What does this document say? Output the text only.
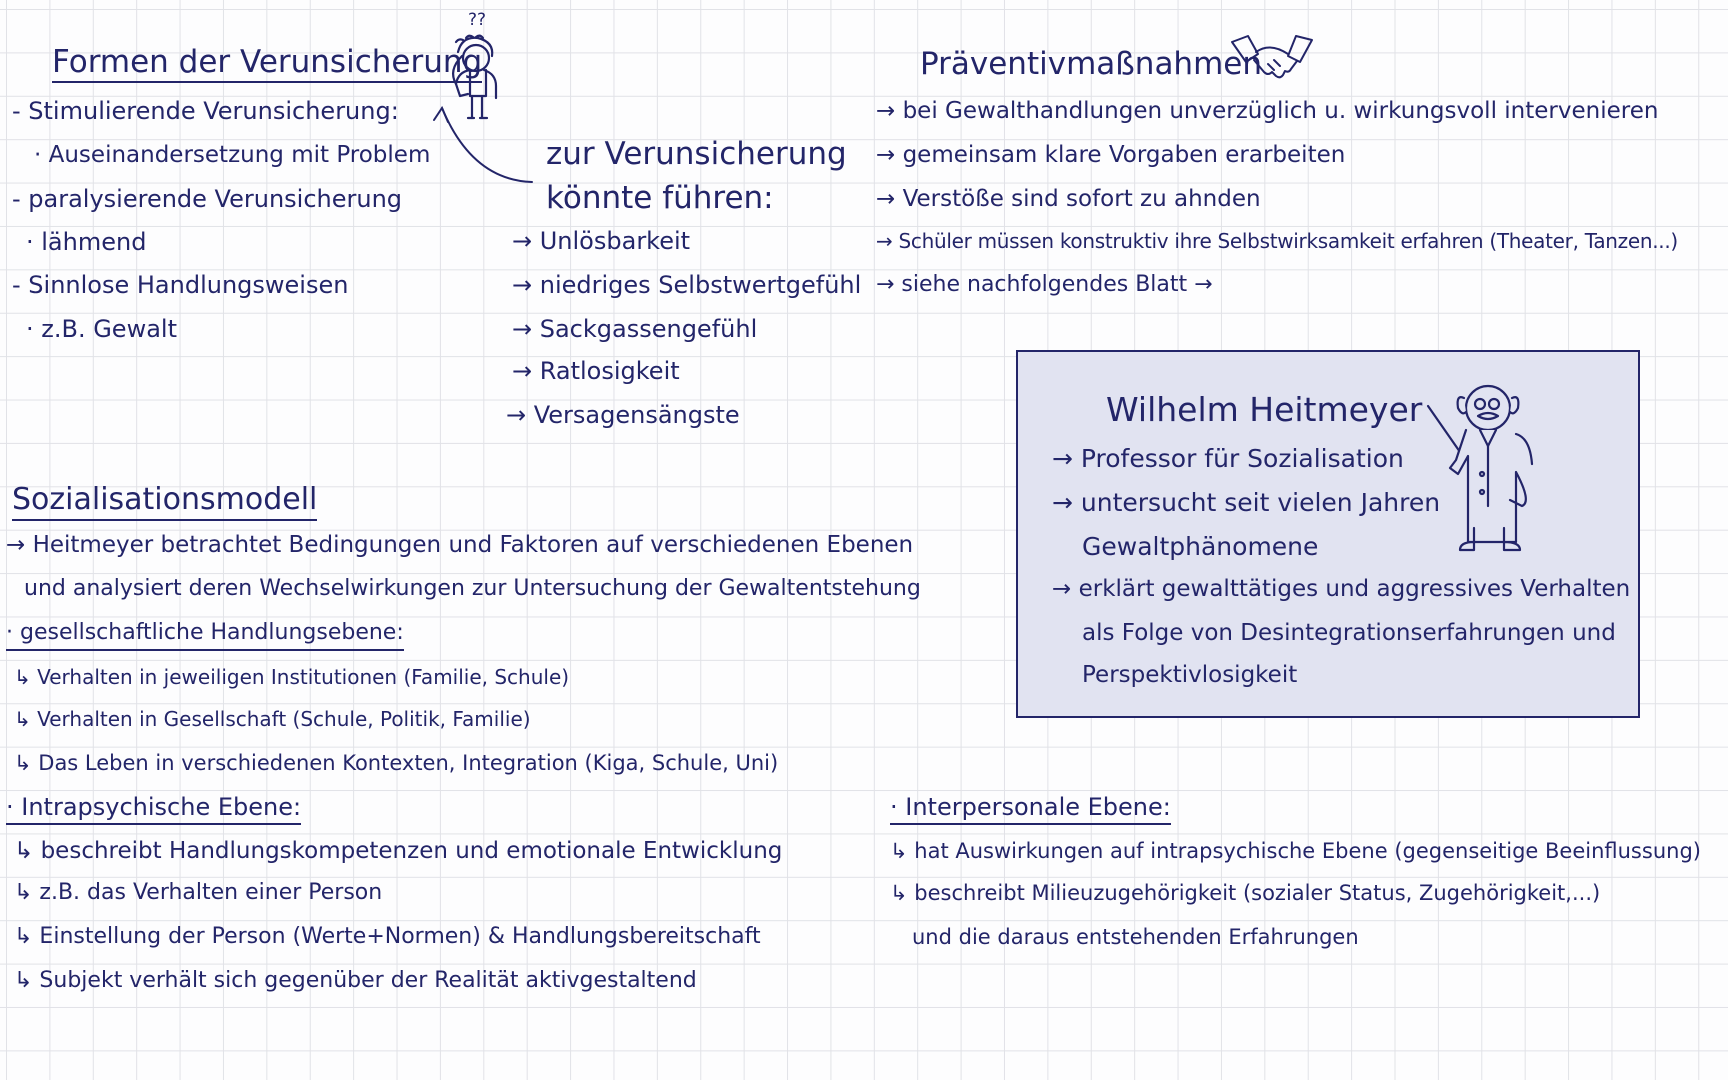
Formen der Verunsicherung
- Stimulierende Verunsicherung:
· Auseinandersetzung mit Problem
- paralysierende Verunsicherung
· lähmend
- Sinnlose Handlungsweisen
· z.B. Gewalt
??
zur Verunsicherung
könnte führen:
→ Unlösbarkeit
→ niedriges Selbstwertgefühl
→ Sackgassengefühl
→ Ratlosigkeit
→ Versagensängste
Präventivmaßnahmen
→ bei Gewalthandlungen unverzüglich u. wirkungsvoll intervenieren
→ gemeinsam klare Vorgaben erarbeiten
→ Verstöße sind sofort zu ahnden
→ Schüler müssen konstruktiv ihre Selbstwirksamkeit erfahren (Theater, Tanzen...)
→ siehe nachfolgendes Blatt →
Wilhelm Heitmeyer
→ Professor für Sozialisation
→ untersucht seit vielen Jahren
Gewaltphänomene
→ erklärt gewalttätiges und aggressives Verhalten
als Folge von Desintegrationserfahrungen und
Perspektivlosigkeit
Sozialisationsmodell
→ Heitmeyer betrachtet Bedingungen und Faktoren auf verschiedenen Ebenen
und analysiert deren Wechselwirkungen zur Untersuchung der Gewaltentstehung
· gesellschaftliche Handlungsebene:
↳ Verhalten in jeweiligen Institutionen (Familie, Schule)
↳ Verhalten in Gesellschaft (Schule, Politik, Familie)
↳ Das Leben in verschiedenen Kontexten, Integration (Kiga, Schule, Uni)
· Intrapsychische Ebene:
↳ beschreibt Handlungskompetenzen und emotionale Entwicklung
↳ z.B. das Verhalten einer Person
↳ Einstellung der Person (Werte+Normen) & Handlungsbereitschaft
↳ Subjekt verhält sich gegenüber der Realität aktivgestaltend
· Interpersonale Ebene:
↳ hat Auswirkungen auf intrapsychische Ebene (gegenseitige Beeinflussung)
↳ beschreibt Milieuzugehörigkeit (sozialer Status, Zugehörigkeit,...)
und die daraus entstehenden Erfahrungen
